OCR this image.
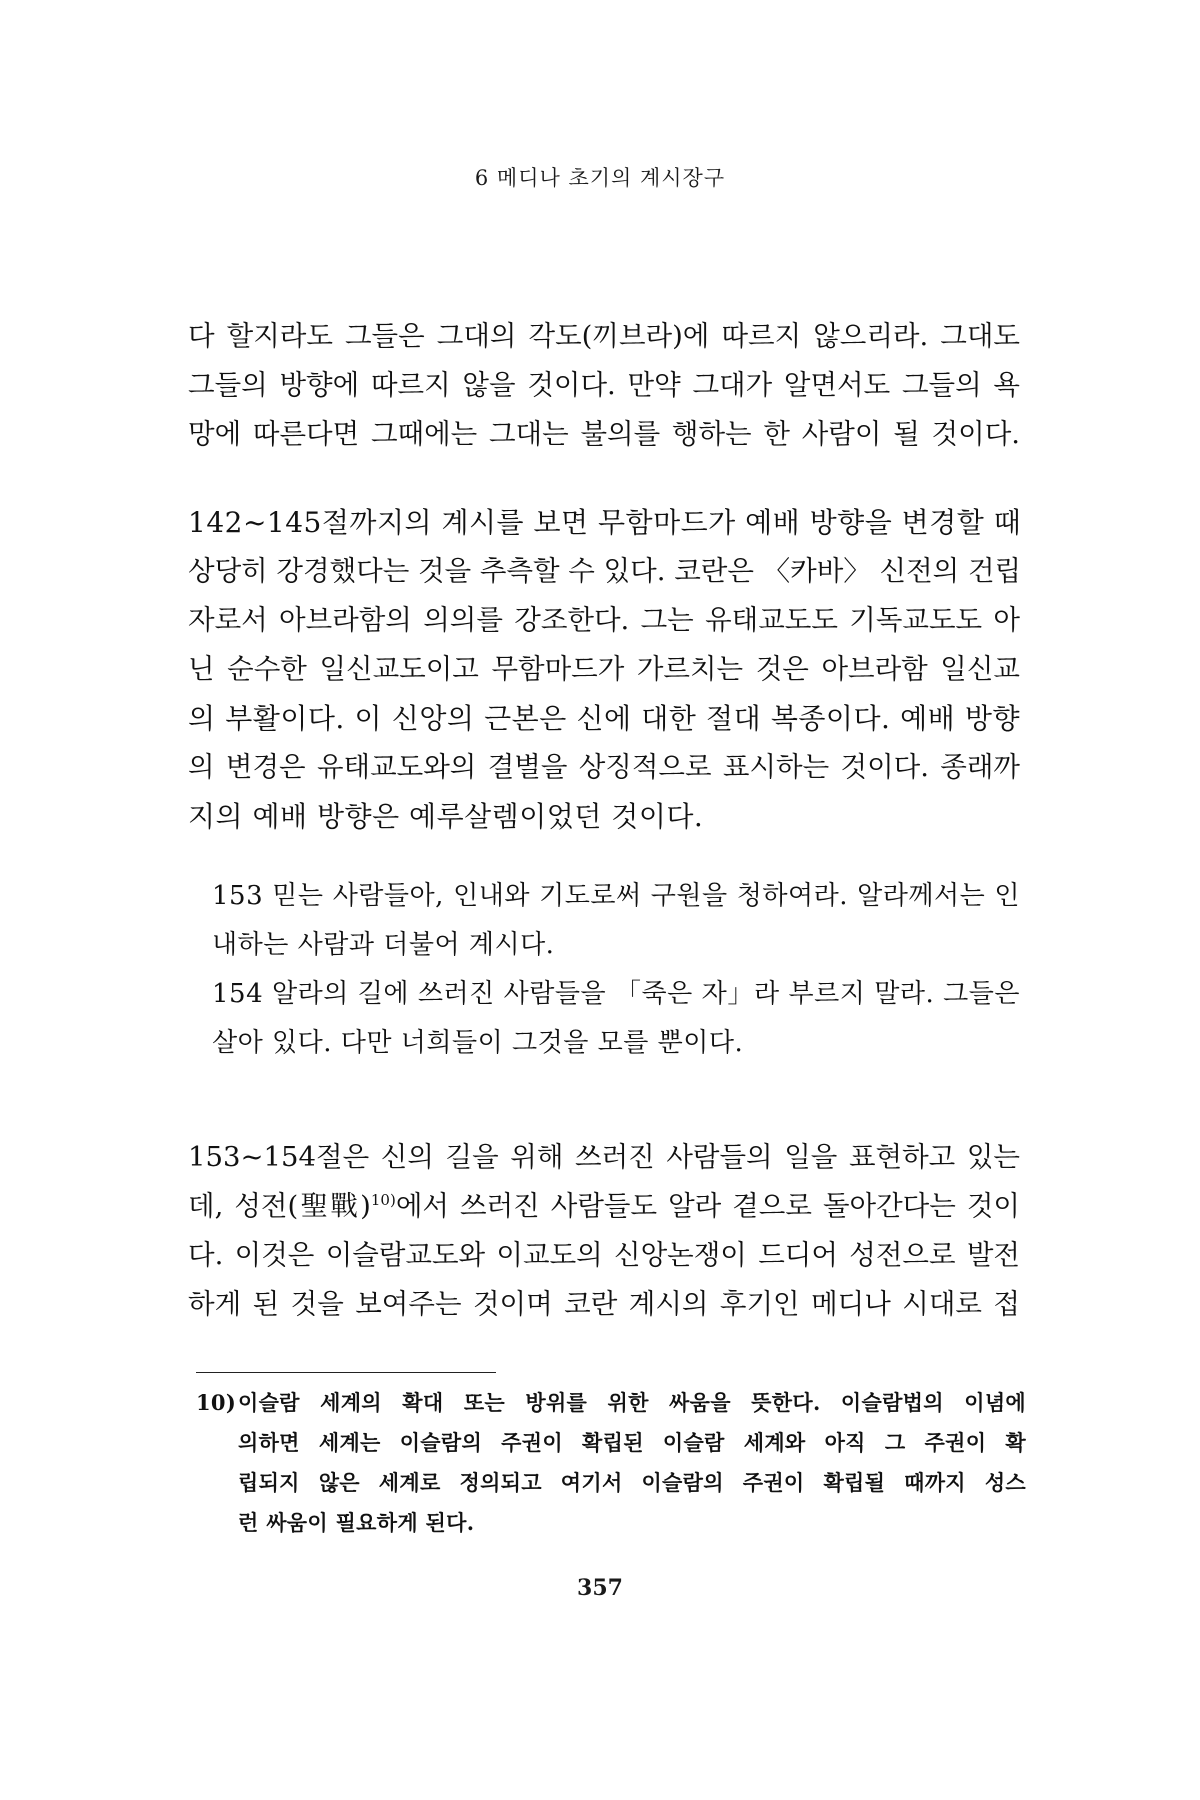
6 메디나 초기의 계시장구
다 할지라도 그들은 그대의 각도(끼브라)에 따르지 않으리라. 그대도
그들의 방향에 따르지 않을 것이다. 만약 그대가 알면서도 그들의 욕
망에 따른다면 그때에는 그대는 불의를 행하는 한 사람이 될 것이다.
142~145절까지의 계시를 보면 무함마드가 예배 방향을 변경할 때
상당히 강경했다는 것을 추측할 수 있다. 코란은 〈카바〉 신전의 건립
자로서 아브라함의 의의를 강조한다. 그는 유태교도도 기독교도도 아
닌 순수한 일신교도이고 무함마드가 가르치는 것은 아브라함 일신교
의 부활이다. 이 신앙의 근본은 신에 대한 절대 복종이다. 예배 방향
의 변경은 유태교도와의 결별을 상징적으로 표시하는 것이다. 종래까
지의 예배 방향은 예루살렘이었던 것이다.
153 믿는 사람들아, 인내와 기도로써 구원을 청하여라. 알라께서는 인
내하는 사람과 더불어 계시다.
154 알라의 길에 쓰러진 사람들을 「죽은 자」라 부르지 말라. 그들은
살아 있다. 다만 너희들이 그것을 모를 뿐이다.
153~154절은 신의 길을 위해 쓰러진 사람들의 일을 표현하고 있는
데, 성전(聖戰)$^{10)}$에서 쓰러진 사람들도 알라 곁으로 돌아간다는 것이
다. 이것은 이슬람교도와 이교도의 신앙논쟁이 드디어 성전으로 발전
하게 된 것을 보여주는 것이며 코란 계시의 후기인 메디나 시대로 접
10)이슬람 세계의 확대 또는 방위를 위한 싸움을 뜻한다. 이슬람법의 이념에
의하면 세계는 이슬람의 주권이 확립된 이슬람 세계와 아직 그 주권이 확
립되지 않은 세계로 정의되고 여기서 이슬람의 주권이 확립될 때까지 성스
런 싸움이 필요하게 된다.
357
